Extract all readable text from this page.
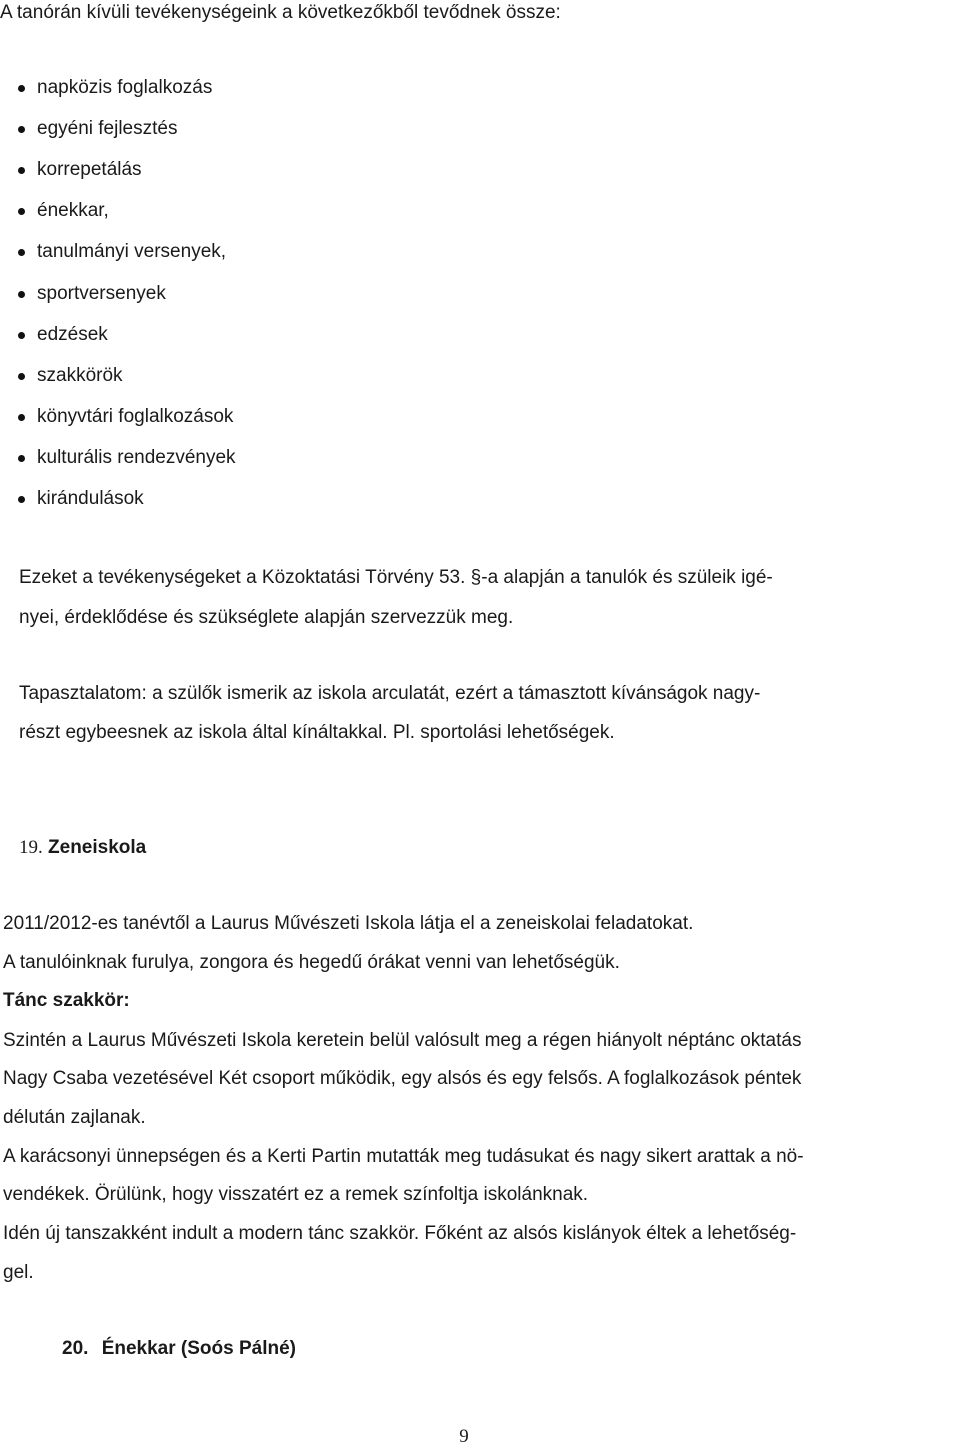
A tanórán kívüli tevékenységeink a következőkből tevődnek össze:
napközis foglalkozás
egyéni fejlesztés
korrepetálás
énekkar,
tanulmányi versenyek,
sportversenyek
edzések
szakkörök
könyvtári foglalkozások
kulturális rendezvények
kirándulások
Ezeket a tevékenységeket a Közoktatási Törvény 53. §-a alapján a tanulók és szüleik igé-
nyei, érdeklődése és szükséglete alapján szervezzük meg.
Tapasztalatom: a szülők ismerik az iskola arculatát, ezért a támasztott kívánságok nagy-
részt egybeesnek az iskola által kínáltakkal. Pl. sportolási lehetőségek.
19. Zeneiskola
2011/2012-es tanévtől a Laurus Művészeti Iskola látja el a zeneiskolai feladatokat.
A tanulóinknak furulya, zongora és hegedű órákat venni van lehetőségük.
Tánc szakkör:
Szintén a Laurus Művészeti Iskola keretein belül valósult meg a régen hiányolt néptánc oktatás
Nagy Csaba vezetésével Két csoport működik, egy alsós és egy felsős. A foglalkozások péntek
délután zajlanak.
A karácsonyi ünnepségen és a Kerti Partin mutatták meg tudásukat és nagy sikert arattak a nö-
vendékek. Örülünk, hogy visszatért ez a remek színfoltja iskolánknak.
Idén új tanszakként indult a modern tánc szakkör. Főként az alsós kislányok éltek a lehetőség-
gel.
20. Énekkar (Soós Pálné)
9
